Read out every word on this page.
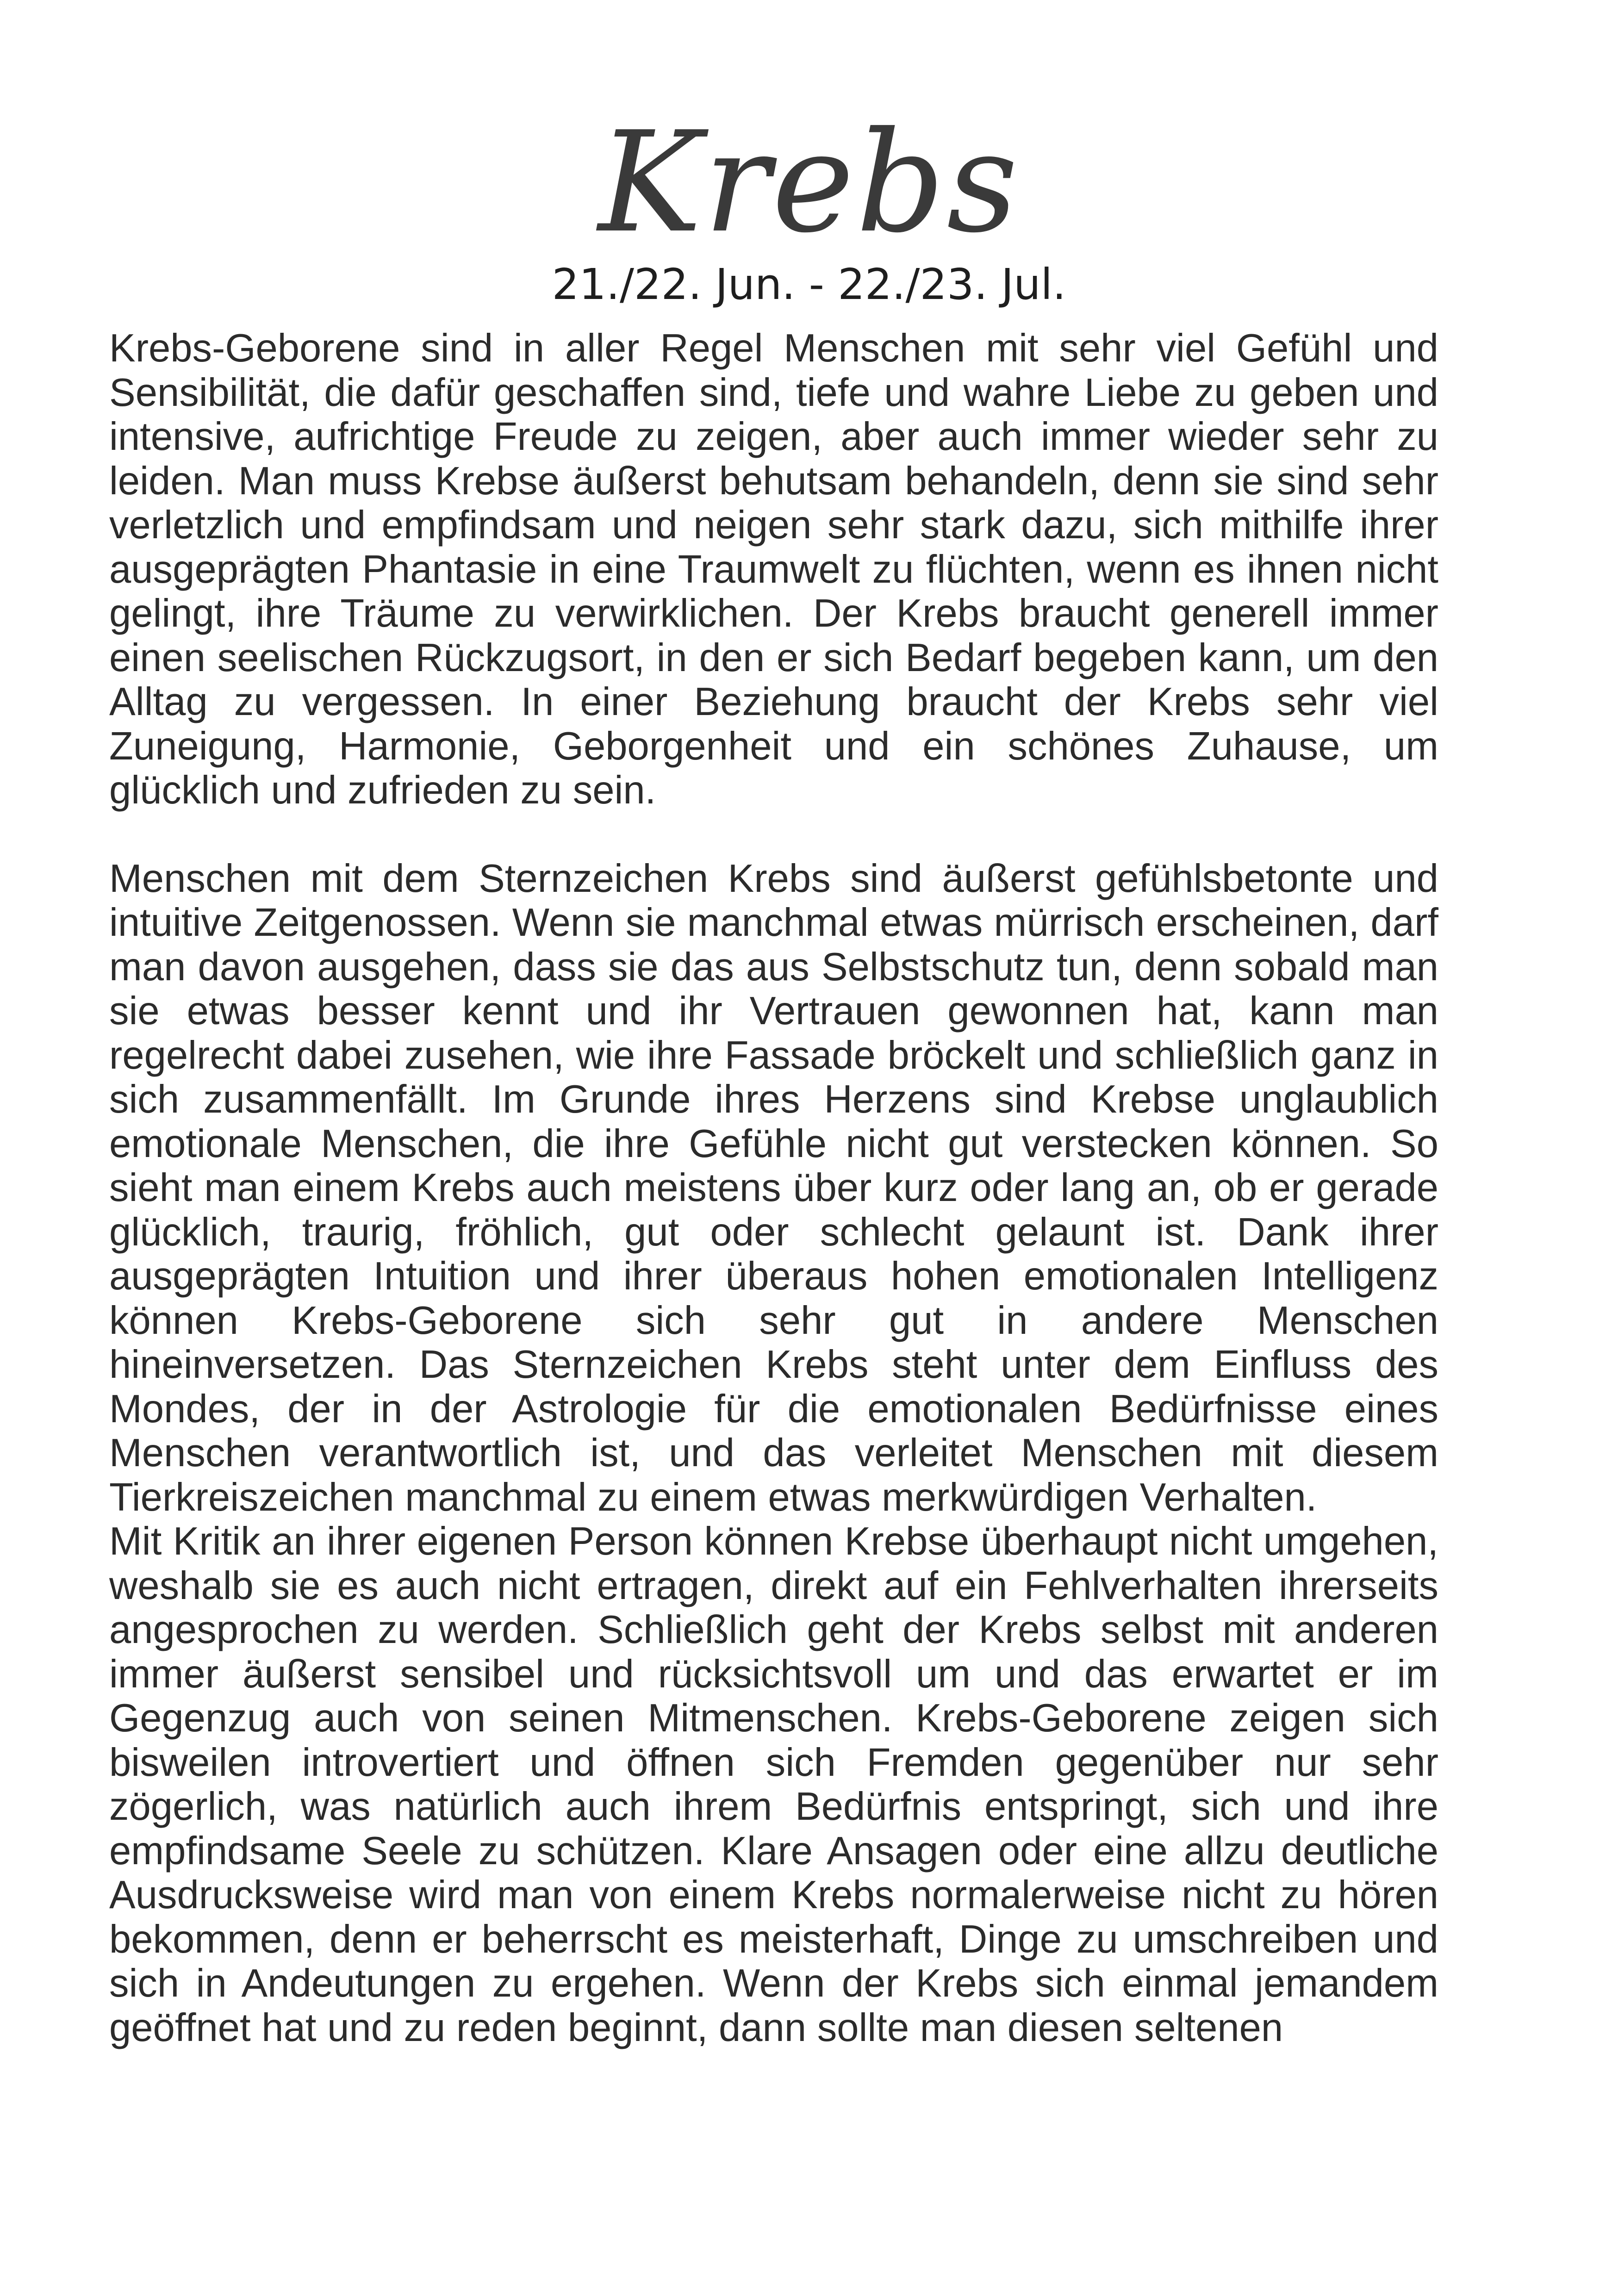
Krebs
21./22. Jun. - 22./23. Jul.

Krebs-Geborene sind in aller Regel Menschen mit sehr viel Gefühl und Sensibilität, die dafür geschaffen sind, tiefe und wahre Liebe zu geben und intensive, aufrichtige Freude zu zeigen, aber auch immer wieder sehr zu leiden. Man muss Krebse äußerst behutsam behandeln, denn sie sind sehr verletzlich und empfindsam und neigen sehr stark dazu, sich mithilfe ihrer ausgeprägten Phantasie in eine Traumwelt zu flüchten, wenn es ihnen nicht gelingt, ihre Träume zu verwirklichen. Der Krebs braucht generell immer einen seelischen Rückzugsort, in den er sich Bedarf begeben kann, um den Alltag zu vergessen. In einer Beziehung braucht der Krebs sehr viel Zuneigung, Harmonie, Geborgenheit und ein schönes Zuhause, um glücklich und zufrieden zu sein.

Menschen mit dem Sternzeichen Krebs sind äußerst gefühlsbetonte und intuitive Zeitgenossen. Wenn sie manchmal etwas mürrisch erscheinen, darf man davon ausgehen, dass sie das aus Selbstschutz tun, denn sobald man sie etwas besser kennt und ihr Vertrauen gewonnen hat, kann man regelrecht dabei zusehen, wie ihre Fassade bröckelt und schließlich ganz in sich zusammenfällt. Im Grunde ihres Herzens sind Krebse unglaublich emotionale Menschen, die ihre Gefühle nicht gut verstecken können. So sieht man einem Krebs auch meistens über kurz oder lang an, ob er gerade glücklich, traurig, fröhlich, gut oder schlecht gelaunt ist. Dank ihrer ausgeprägten Intuition und ihrer überaus hohen emotionalen Intelligenz können Krebs-Geborene sich sehr gut in andere Menschen hineinversetzen. Das Sternzeichen Krebs steht unter dem Einfluss des Mondes, der in der Astrologie für die emotionalen Bedürfnisse eines Menschen verantwortlich ist, und das verleitet Menschen mit diesem Tierkreiszeichen manchmal zu einem etwas merkwürdigen Verhalten.

Mit Kritik an ihrer eigenen Person können Krebse überhaupt nicht umgehen, weshalb sie es auch nicht ertragen, direkt auf ein Fehlverhalten ihrerseits angesprochen zu werden. Schließlich geht der Krebs selbst mit anderen immer äußerst sensibel und rücksichtsvoll um und das erwartet er im Gegenzug auch von seinen Mitmenschen. Krebs-Geborene zeigen sich bisweilen introvertiert und öffnen sich Fremden gegenüber nur sehr zögerlich, was natürlich auch ihrem Bedürfnis entspringt, sich und ihre empfindsame Seele zu schützen. Klare Ansagen oder eine allzu deutliche Ausdrucksweise wird man von einem Krebs normalerweise nicht zu hören bekommen, denn er beherrscht es meisterhaft, Dinge zu umschreiben und sich in Andeutungen zu ergehen. Wenn der Krebs sich einmal jemandem geöffnet hat und zu reden beginnt, dann sollte man diesen seltenen
